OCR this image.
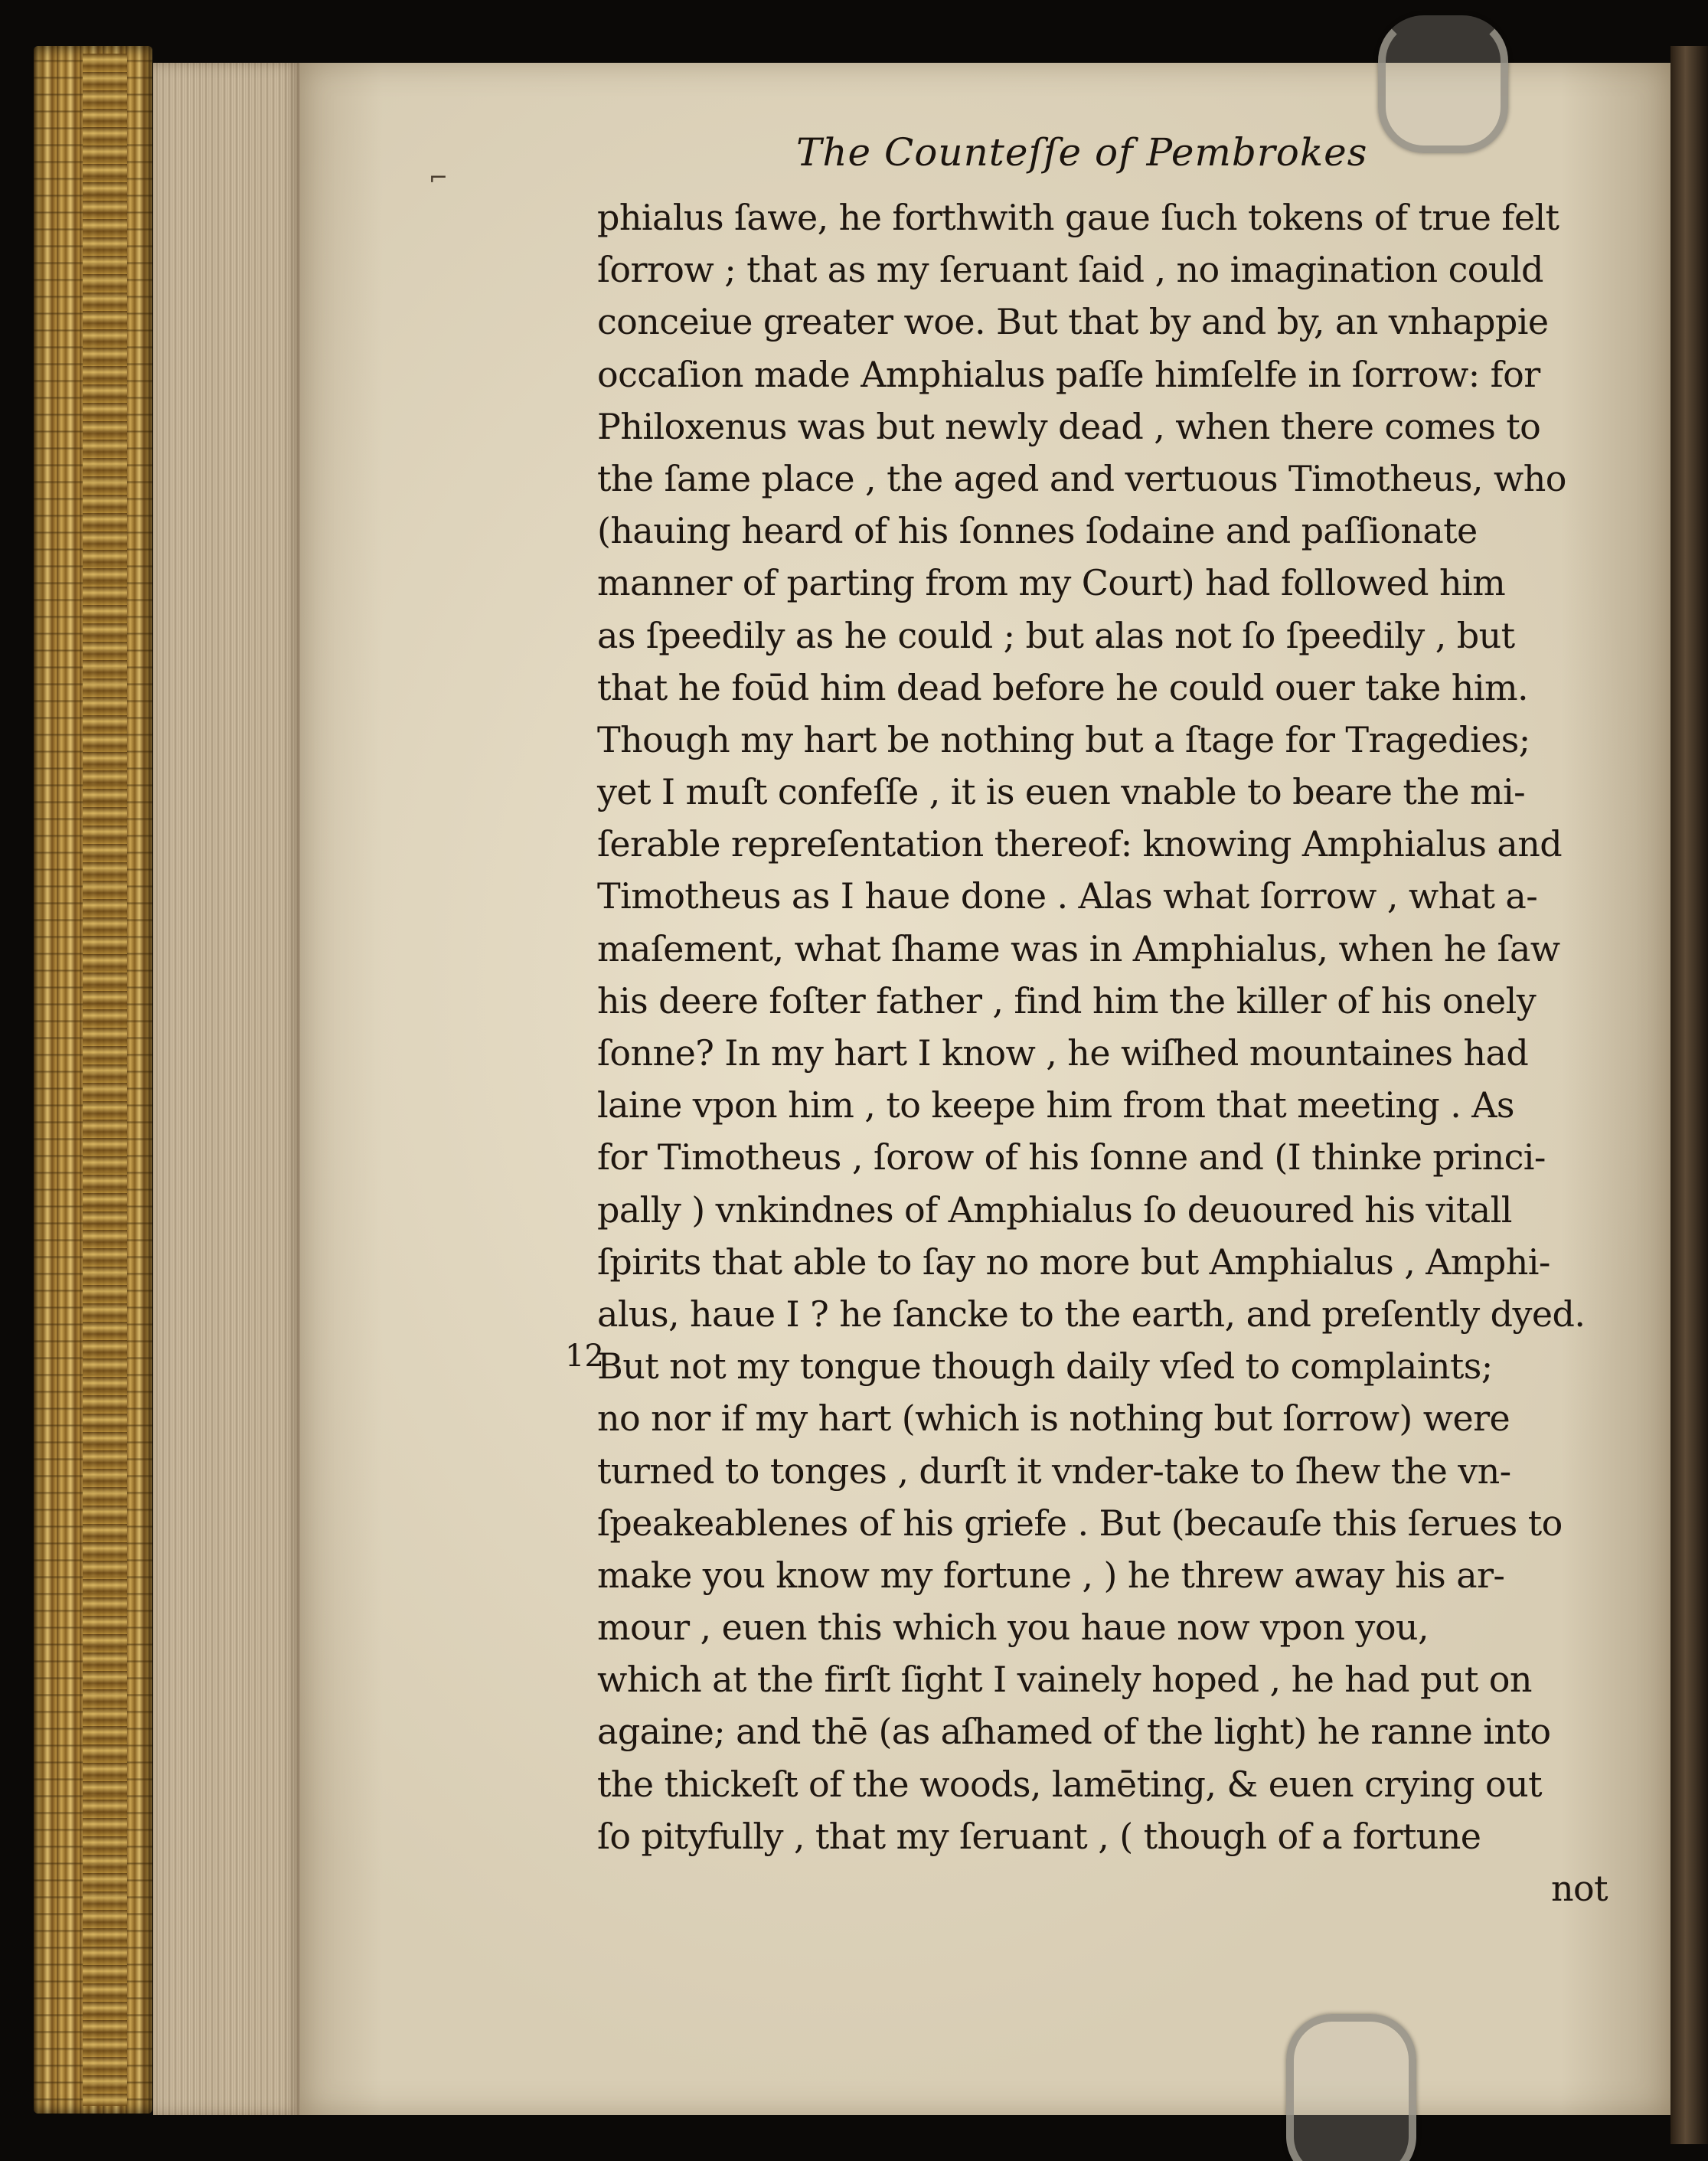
⌐
The Counteſſe of Pembrokes
12
phialus ſawe, he forthwith gaue ſuch tokens of true felt
ſorrow ; that as my ſeruant ſaid , no imagination could
conceiue greater woe. But that by and by, an vnhappie
occaſion made Amphialus paſſe himſelfe in ſorrow: for
Philoxenus was but newly dead , when there comes to
the ſame place , the aged and vertuous Timotheus, who
(hauing heard of his ſonnes ſodaine and paſſionate
manner of parting from my Court) had followed him
as ſpeedily as he could ; but alas not ſo ſpeedily , but
that he foūd him dead before he could ouer take him.
Though my hart be nothing but a ſtage for Tragedies;
yet I muſt confeſſe , it is euen vnable to beare the mi-
ſerable repreſentation thereof: knowing Amphialus and
Timotheus as I haue done . Alas what ſorrow , what a-
maſement, what ſhame was in Amphialus, when he ſaw
his deere foſter father , find him the killer of his onely
ſonne? In my hart I know , he wiſhed mountaines had
laine vpon him , to keepe him from that meeting . As
for Timotheus , ſorow of his ſonne and (I thinke princi-
pally ) vnkindnes of Amphialus ſo deuoured his vitall
ſpirits that able to ſay no more but Amphialus , Amphi-
alus, haue I ? he ſancke to the earth, and preſently dyed.
But not my tongue though daily vſed to complaints;
no nor if my hart (which is nothing but ſorrow) were
turned to tonges , durſt it vnder-take to ſhew the vn-
ſpeakeablenes of his griefe . But (becauſe this ſerues to
make you know my fortune , ) he threw away his ar-
mour , euen this which you haue now vpon you,
which at the firſt ſight I vainely hoped , he had put on
againe; and thē (as aſhamed of the light) he ranne into
the thickeſt of the woods, lamēting, & euen crying out
ſo pityfully , that my ſeruant , ( though of a fortune
not
